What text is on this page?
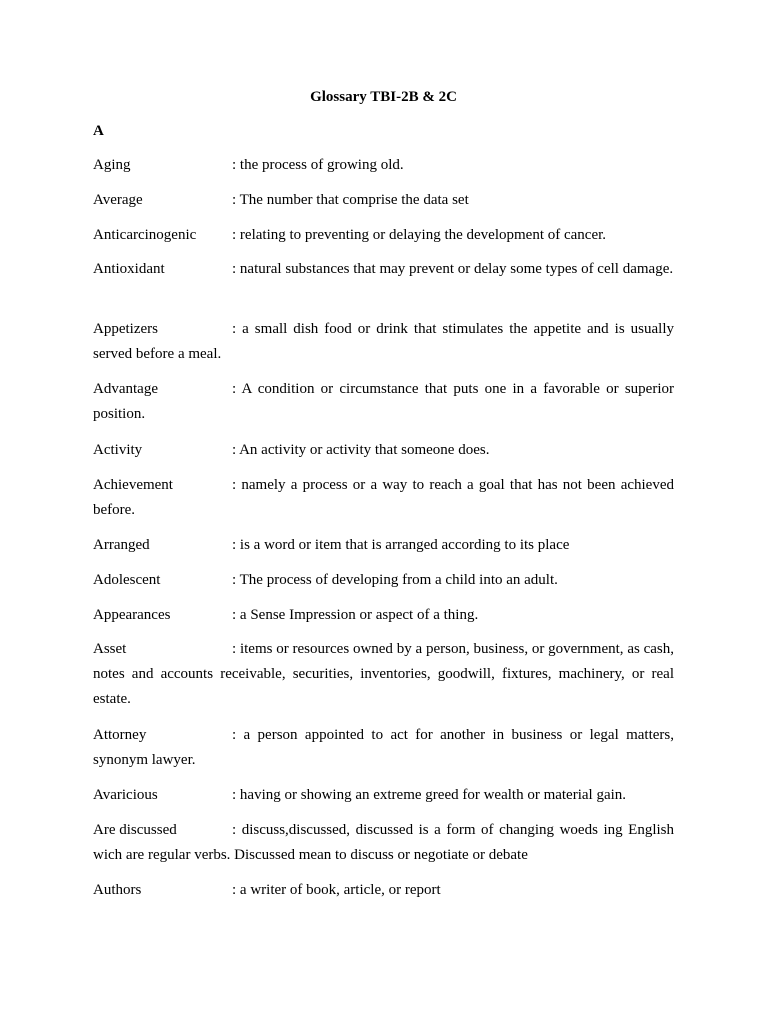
Glossary TBI-2B & 2C
A
Aging	: the process of growing old.
Average	: The number that comprise the data set
Anticarcinogenic : relating to preventing or delaying the development of cancer.
Antioxidant	: natural substances that may prevent or delay some types of cell damage.
Appetizers	: a small dish food or drink that stimulates the appetite and is usually served before a meal.
Advantage	: A condition or circumstance that puts one in a favorable or superior position.
Activity	: An activity or activity that someone does.
Achievement	: namely a process or a way to reach a goal that has not been achieved before.
Arranged	: is a word or item that is arranged according to its place
Adolescent	: The process of developing from a child into an adult.
Appearances	: a Sense Impression or aspect of a thing.
Asset	: items or resources owned by a person, business, or government, as cash, notes and accounts receivable, securities, inventories, goodwill, fixtures, machinery, or real estate.
Attorney	: a person appointed to act for another in business or legal matters, synonym lawyer.
Avaricious	: having or showing an extreme greed for wealth or material gain.
Are discussed	: discuss,discussed, discussed is a form of changing woeds ing English wich are regular verbs. Discussed mean to discuss or negotiate or debate
Authors	: a writer of book, article, or report
